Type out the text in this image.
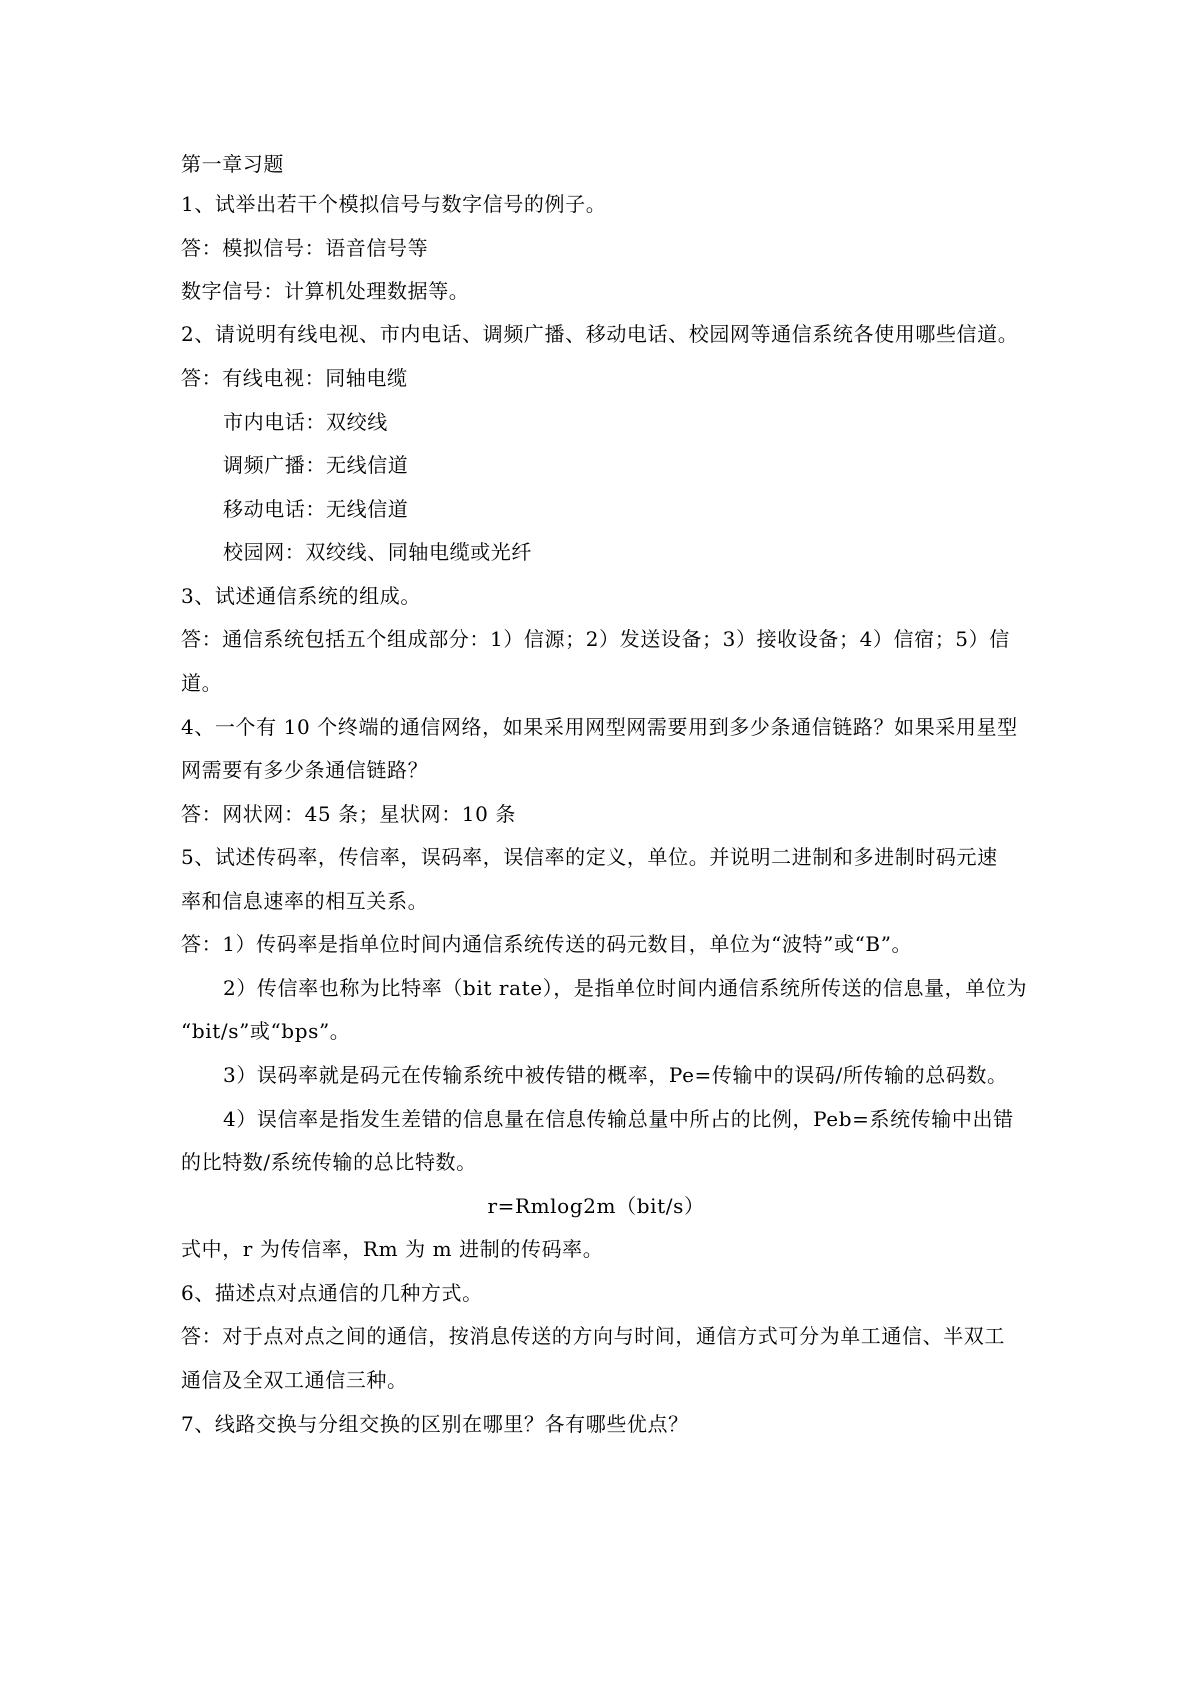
第一章习题
1、试举出若干个模拟信号与数字信号的例子。
答：模拟信号：语音信号等
数字信号：计算机处理数据等。
2、请说明有线电视、市内电话、调频广播、移动电话、校园网等通信系统各使用哪些信道。
答：有线电视：同轴电缆
市内电话：双绞线
调频广播：无线信道
移动电话：无线信道
校园网：双绞线、同轴电缆或光纤
3、试述通信系统的组成。
答：通信系统包括五个组成部分：1）信源；2）发送设备；3）接收设备；4）信宿；5）信
道。
4、一个有 10 个终端的通信网络，如果采用网型网需要用到多少条通信链路？如果采用星型
网需要有多少条通信链路？
答：网状网：45 条；星状网：10 条
5、试述传码率，传信率，误码率，误信率的定义，单位。并说明二进制和多进制时码元速
率和信息速率的相互关系。
答：1）传码率是指单位时间内通信系统传送的码元数目，单位为“波特”或“B”。
2）传信率也称为比特率（bit rate），是指单位时间内通信系统所传送的信息量，单位为
“bit/s”或“bps”。
3）误码率就是码元在传输系统中被传错的概率，Pe=传输中的误码/所传输的总码数。
4）误信率是指发生差错的信息量在信息传输总量中所占的比例，Peb=系统传输中出错
的比特数/系统传输的总比特数。
r=Rmlog2m（bit/s）
式中，r 为传信率，Rm 为 m 进制的传码率。
6、描述点对点通信的几种方式。
答：对于点对点之间的通信，按消息传送的方向与时间，通信方式可分为单工通信、半双工
通信及全双工通信三种。
7、线路交换与分组交换的区别在哪里？各有哪些优点？
